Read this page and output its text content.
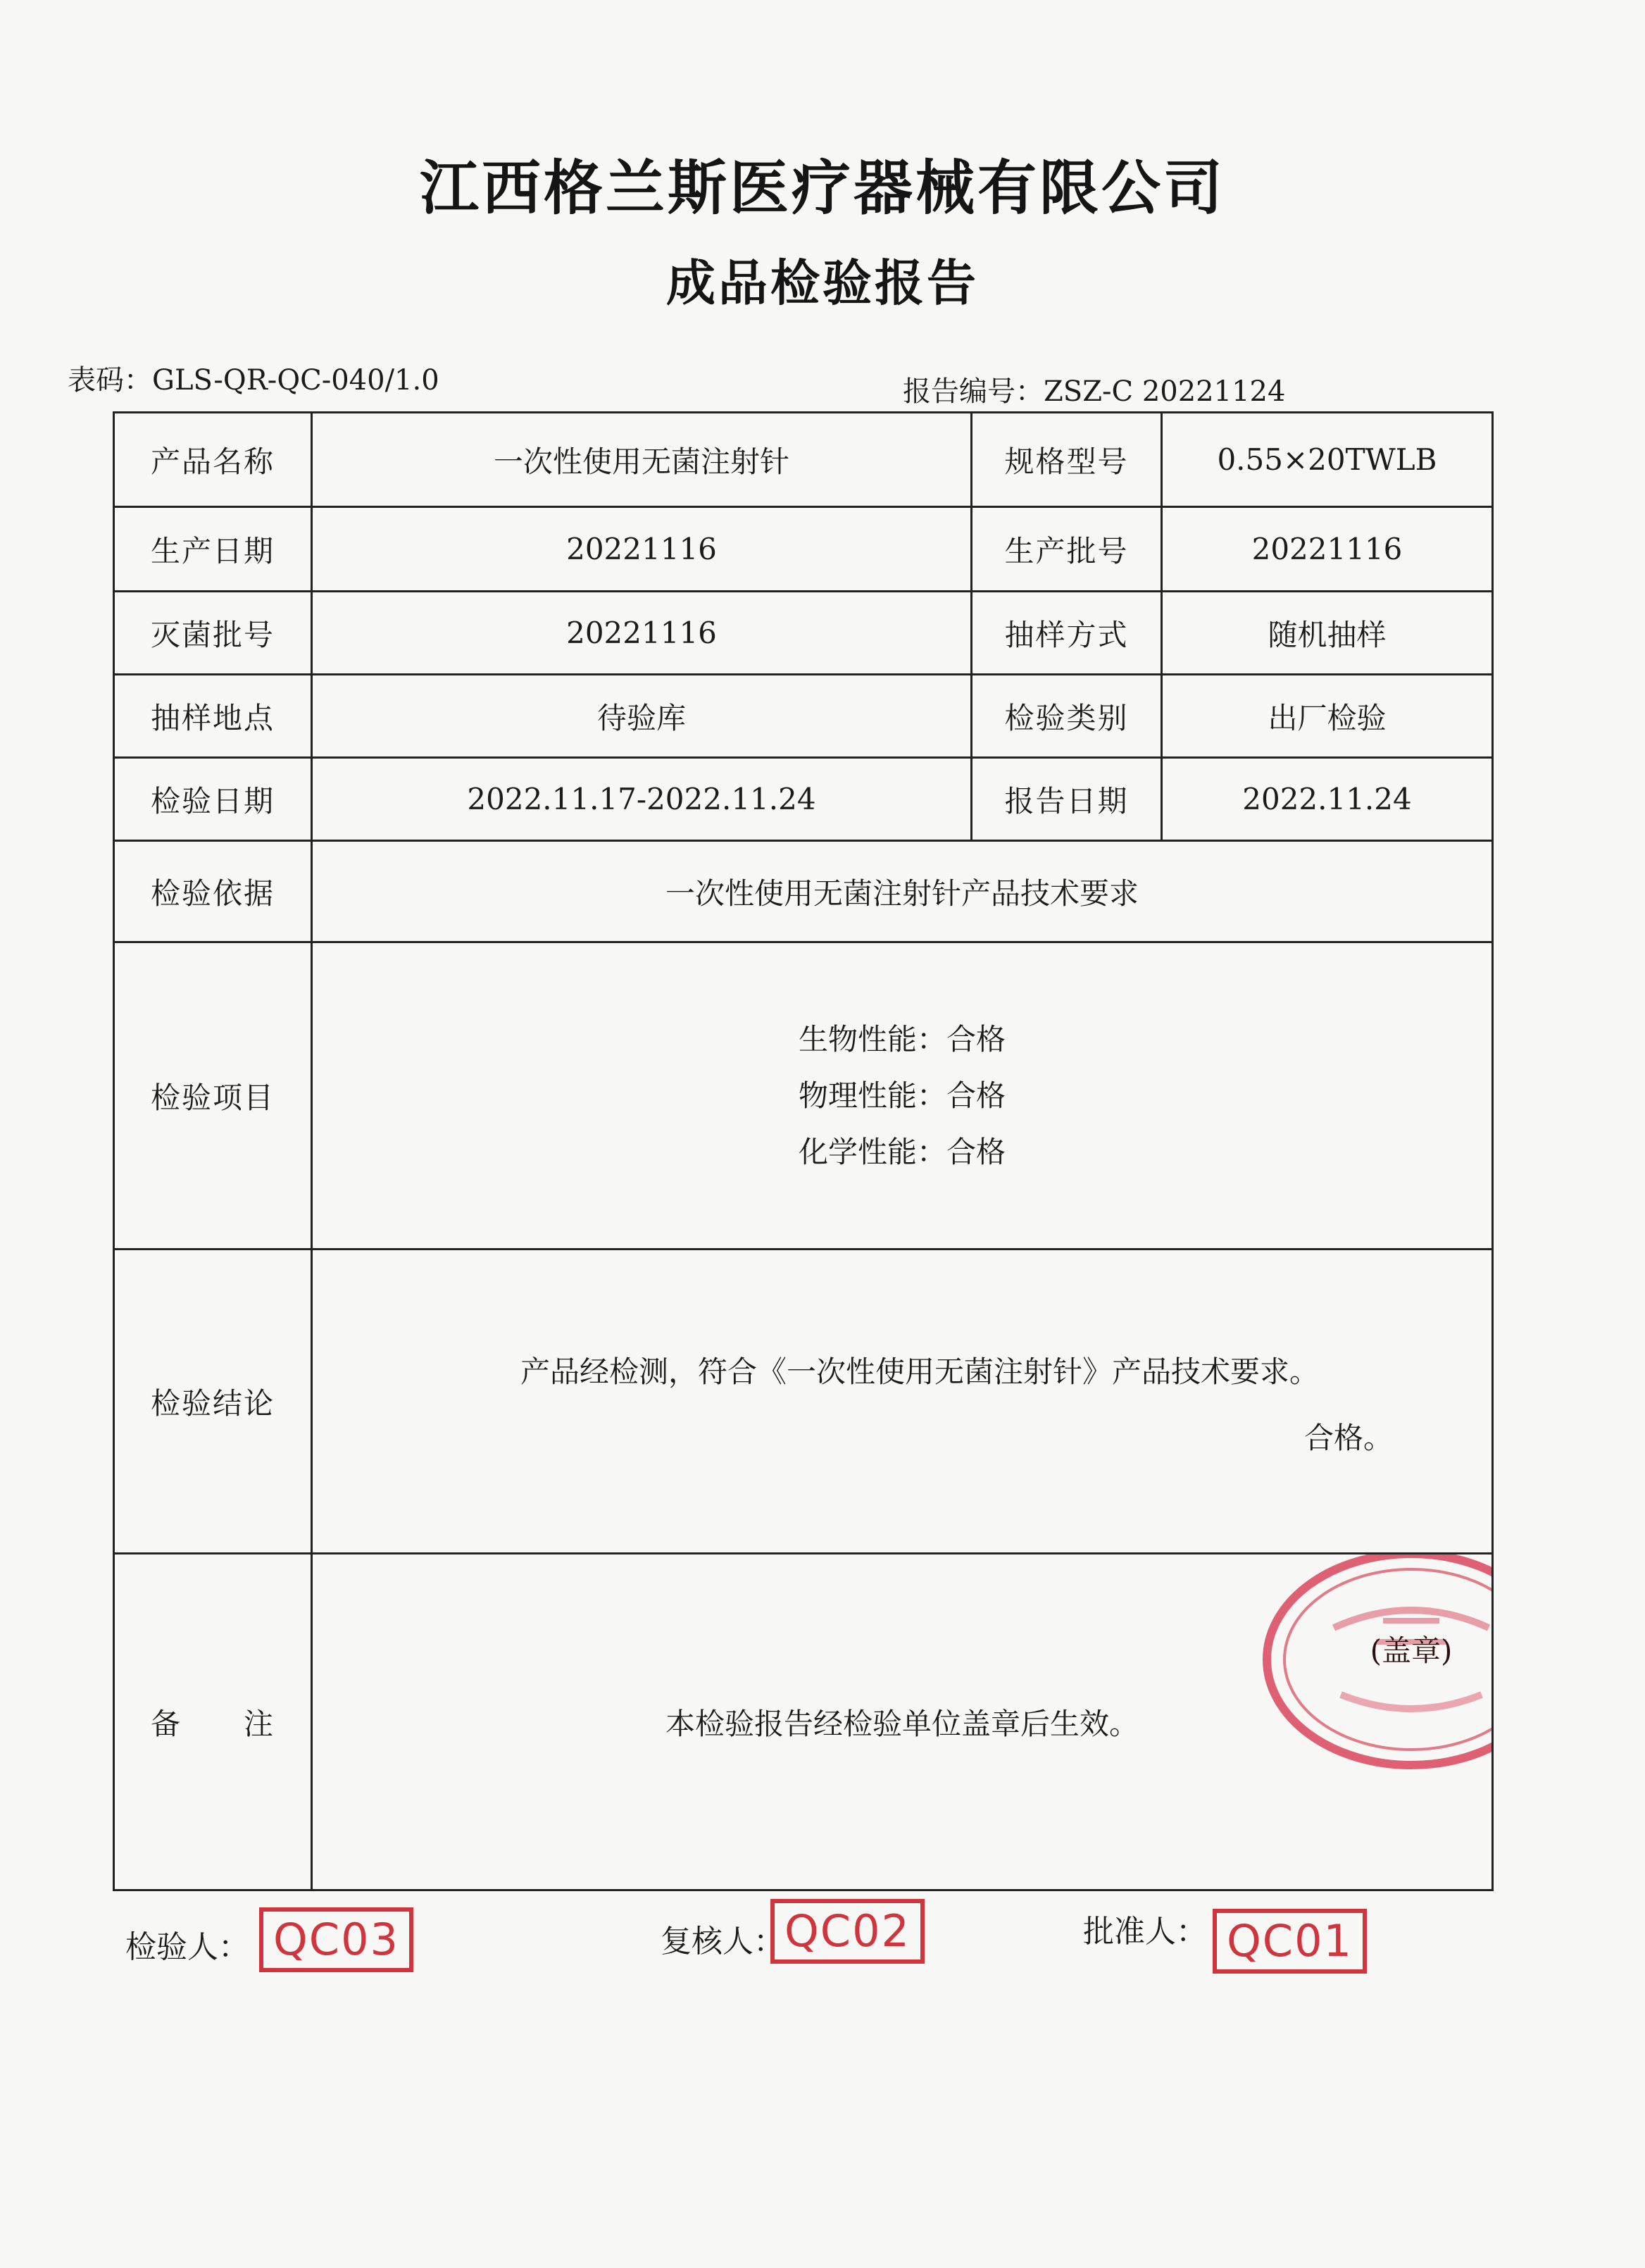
江西格兰斯医疗器械有限公司
成品检验报告
表码：GLS-QR-QC-040/1.0	报告编号：ZSZ-C 20221124
产品名称	一次性使用无菌注射针	规格型号	0.55×20TWLB
生产日期	20221116	生产批号	20221116
灭菌批号	20221116	抽样方式	随机抽样
抽样地点	待验库	检验类别	出厂检验
检验日期	2022.11.17-2022.11.24	报告日期	2022.11.24
检验依据	一次性使用无菌注射针产品技术要求		
检验项目	生物性能：合格
物理性能：合格
化学性能：合格		

检验结论	产品经检测，符合《一次性使用无菌注射针》产品技术要求。
合格。		

备　　注	本检验报告经检验单位盖章后生效。
(盖章)		
检验人： QC03	复核人： QC02	批准人： QC01
